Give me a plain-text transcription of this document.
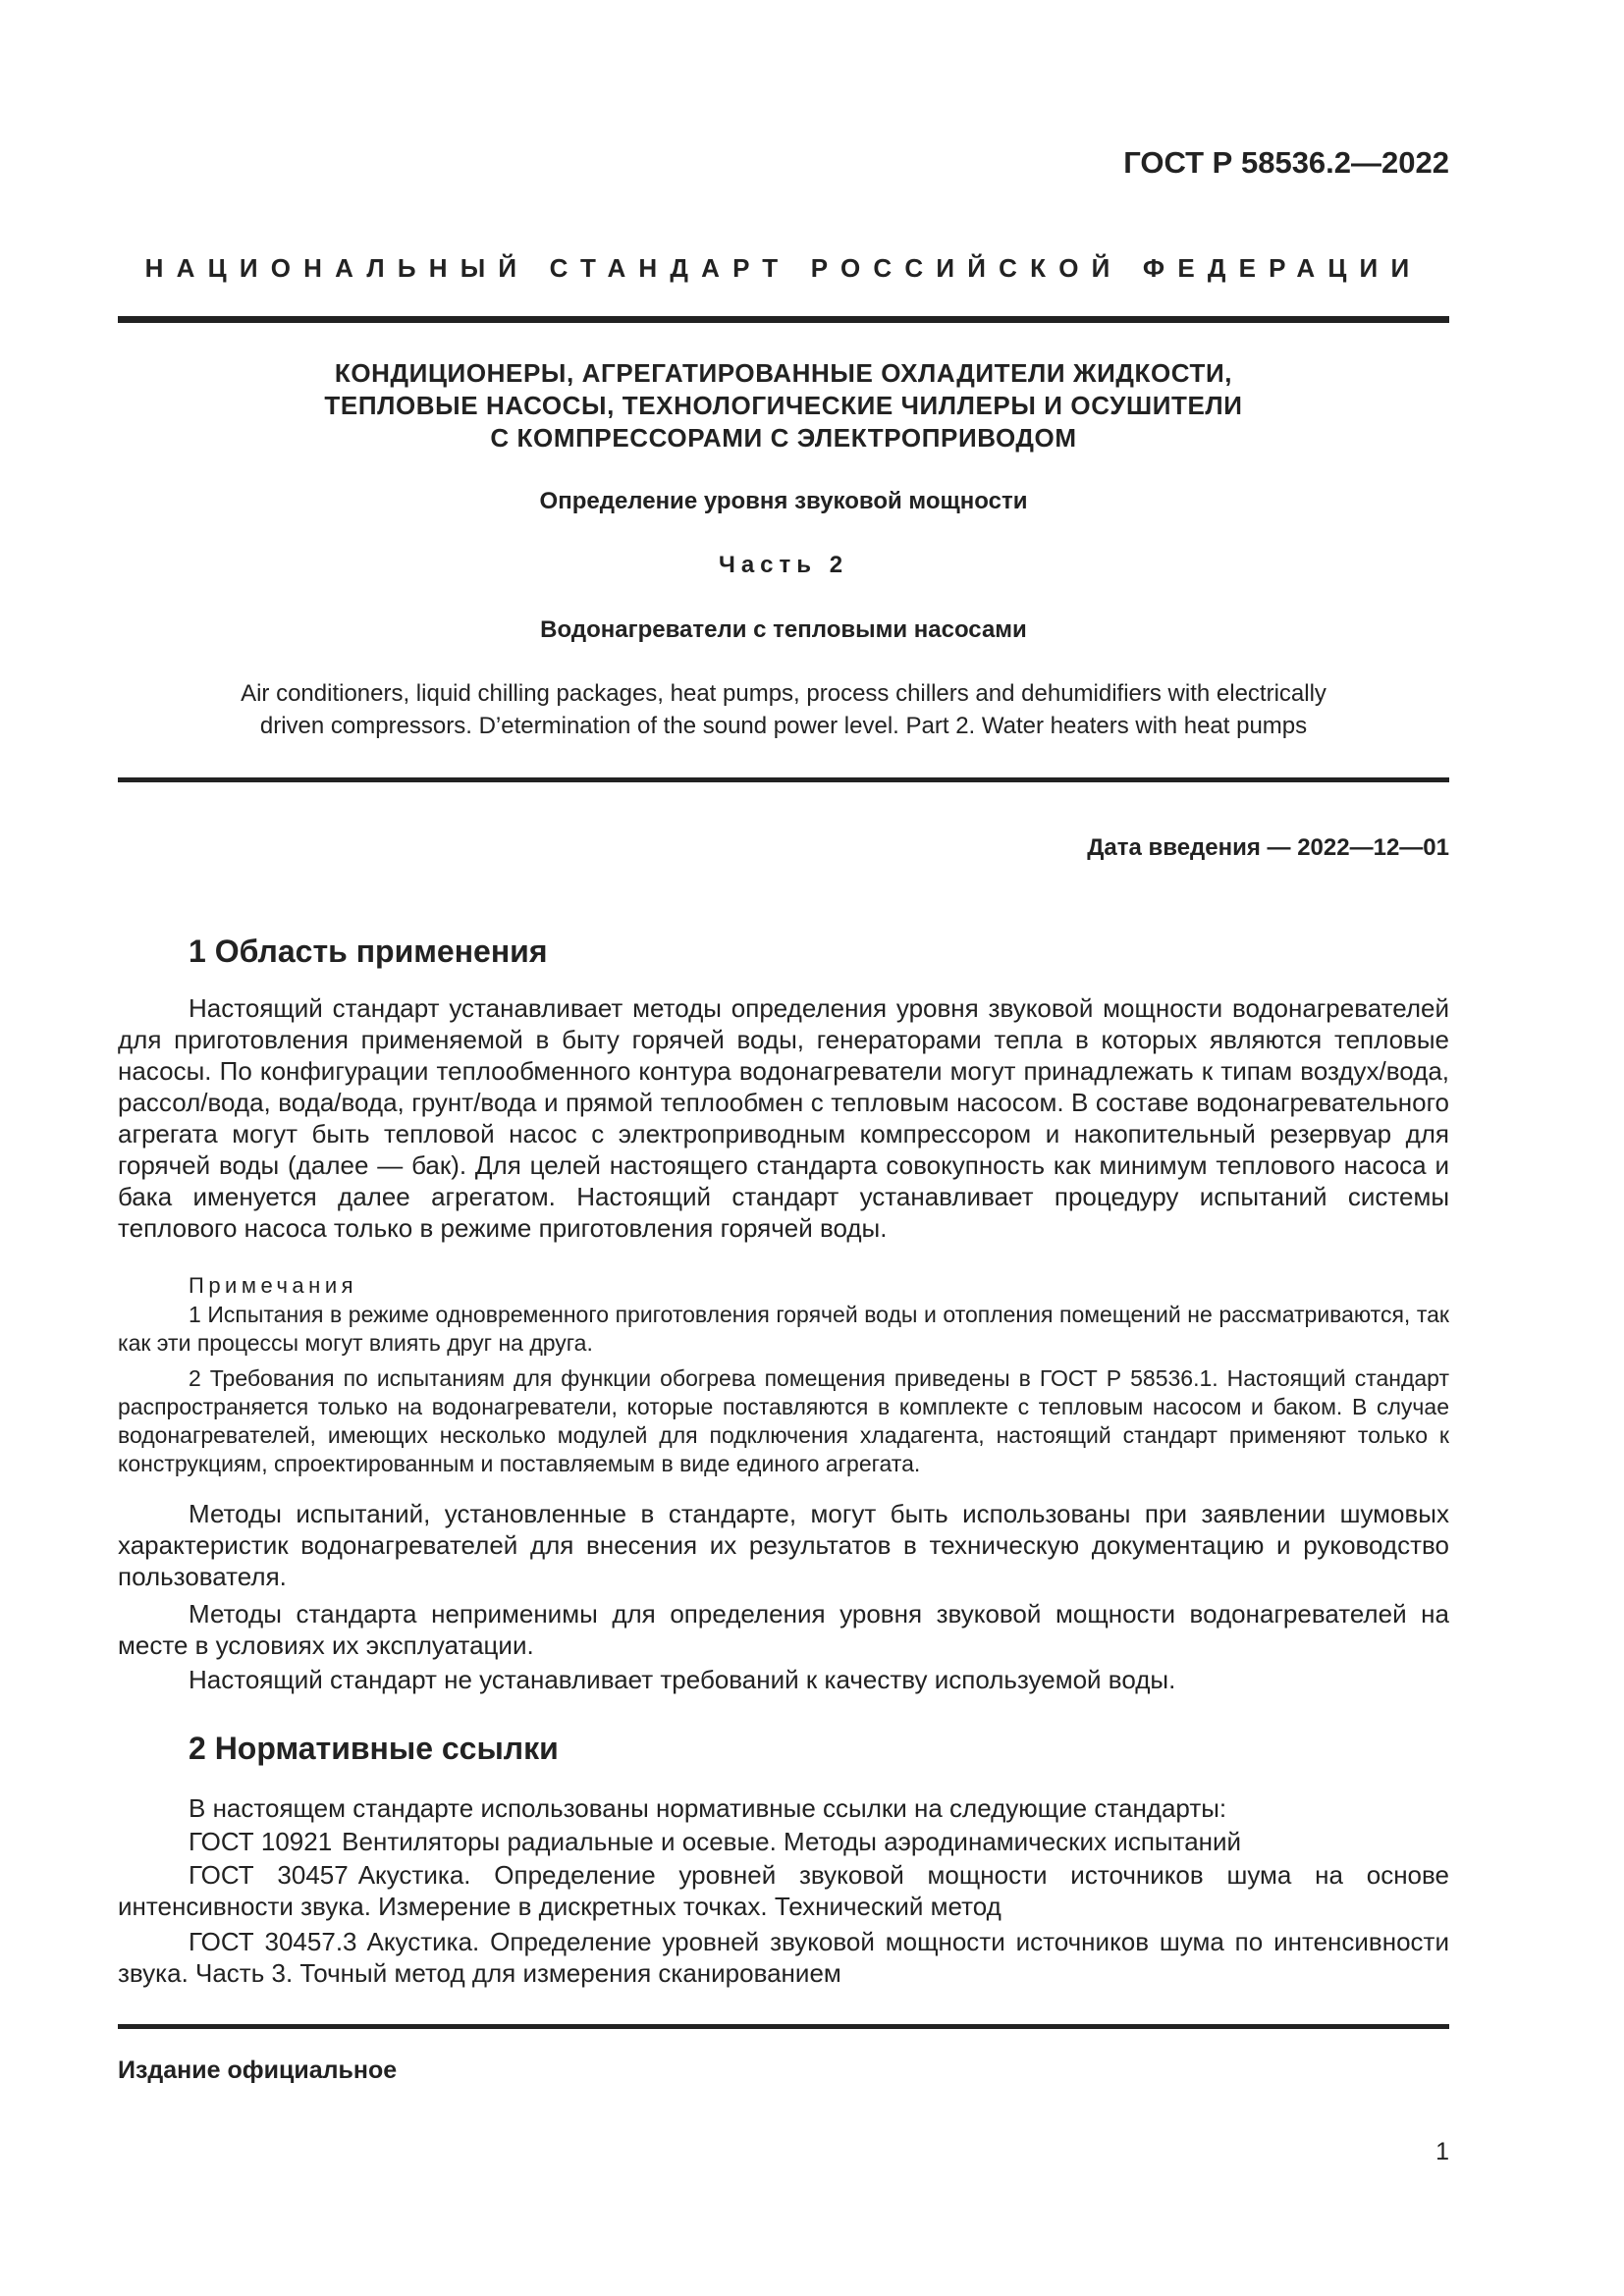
ГОСТ Р 58536.2—2022
НАЦИОНАЛЬНЫЙ СТАНДАРТ РОССИЙСКОЙ ФЕДЕРАЦИИ
КОНДИЦИОНЕРЫ, АГРЕГАТИРОВАННЫЕ ОХЛАДИТЕЛИ ЖИДКОСТИ,
ТЕПЛОВЫЕ НАСОСЫ, ТЕХНОЛОГИЧЕСКИЕ ЧИЛЛЕРЫ И ОСУШИТЕЛИ
С КОМПРЕССОРАМИ С ЭЛЕКТРОПРИВОДОМ
Определение уровня звуковой мощности
Часть 2
Водонагреватели с тепловыми насосами
Air conditioners, liquid chilling packages, heat pumps, process chillers and dehumidifiers with electrically
driven compressors. D’etermination of the sound power level. Part 2. Water heaters with heat pumps
Дата введения — 2022—12—01
1 Область применения

Настоящий стандарт устанавливает методы определения уровня звуковой мощности водонагревателей для приготовления применяемой в быту горячей воды, генераторами тепла в которых являются тепловые насосы. По конфигурации теплообменного контура водонагреватели могут принадлежать к типам воздух/вода, рассол/вода, вода/вода, грунт/вода и прямой теплообмен с тепловым насосом. В составе водонагревательного агрегата могут быть тепловой насос с электроприводным компрессором и накопительный резервуар для горячей воды (далее — бак). Для целей настоящего стандарта совокупность как минимум теплового насоса и бака именуется далее агрегатом. Настоящий стандарт устанавливает процедуру испытаний системы теплового насоса только в режиме приготовления горячей воды.

Примечания

1 Испытания в режиме одновременного приготовления горячей воды и отопления помещений не рассматриваются, так как эти процессы могут влиять друг на друга.

2 Требования по испытаниям для функции обогрева помещения приведены в ГОСТ Р 58536.1. Настоящий стандарт распространяется только на водонагреватели, которые поставляются в комплекте с тепловым насосом и баком. В случае водонагревателей, имеющих несколько модулей для подключения хладагента, настоящий стандарт применяют только к конструкциям, спроектированным и поставляемым в виде единого агрегата.

Методы испытаний, установленные в стандарте, могут быть использованы при заявлении шумовых характеристик водонагревателей для внесения их результатов в техническую документацию и руководство пользователя.

Методы стандарта неприменимы для определения уровня звуковой мощности водонагревателей на месте в условиях их эксплуатации.

Настоящий стандарт не устанавливает требований к качеству используемой воды.

2 Нормативные ссылки

В настоящем стандарте использованы нормативные ссылки на следующие стандарты:

ГОСТ 10921 Вентиляторы радиальные и осевые. Методы аэродинамических испытаний

ГОСТ 30457 Акустика. Определение уровней звуковой мощности источников шума на основе интенсивности звука. Измерение в дискретных точках. Технический метод

ГОСТ 30457.3 Акустика. Определение уровней звуковой мощности источников шума по интенсивности звука. Часть 3. Точный метод для измерения сканированием

Издание официальное
1
